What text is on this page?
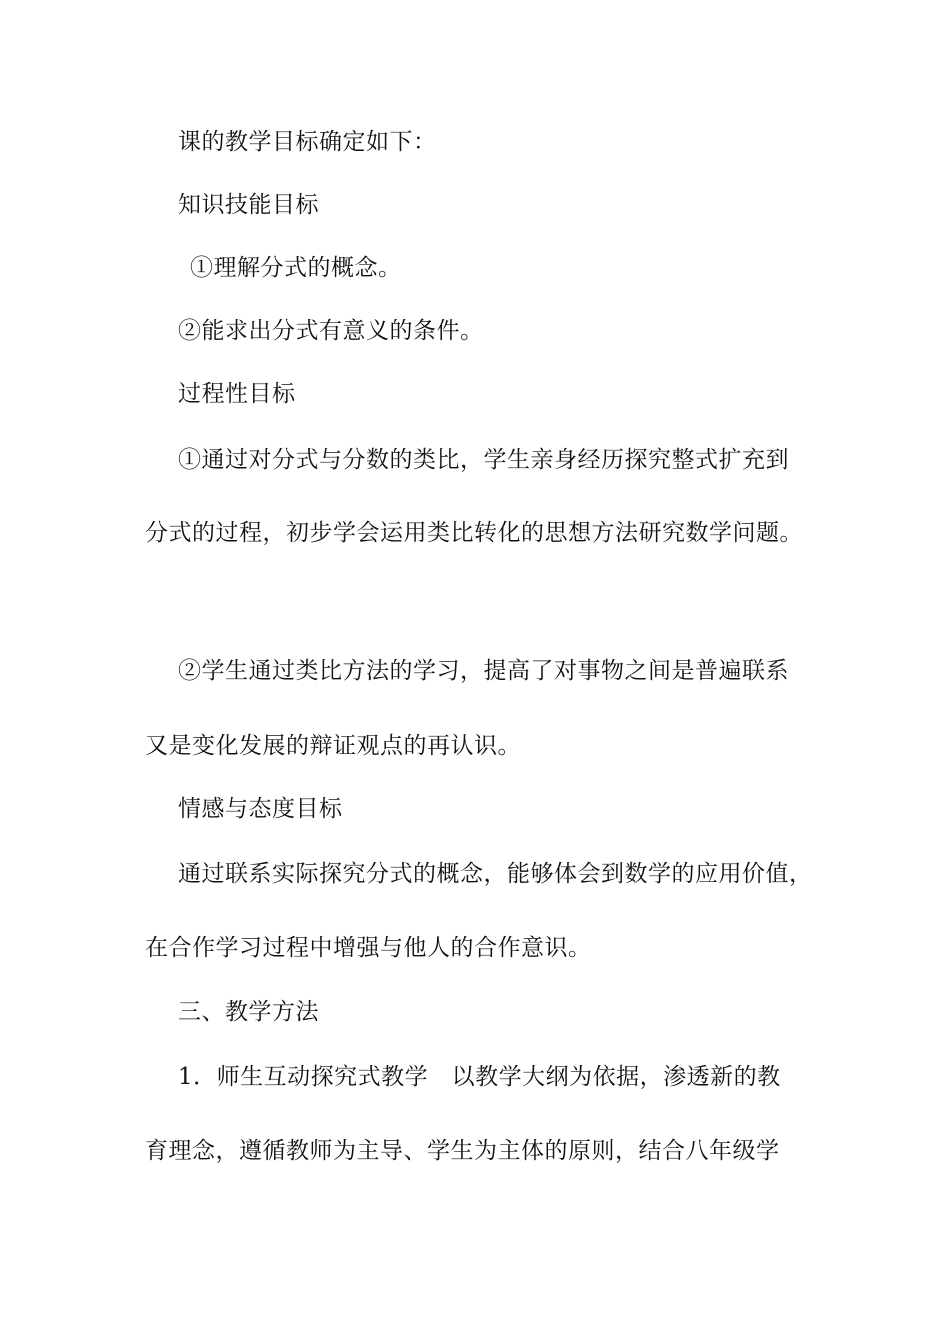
课的教学目标确定如下：
知识技能目标
①理解分式的概念。
②能求出分式有意义的条件。
过程性目标
①通过对分式与分数的类比，学生亲身经历探究整式扩充到
分式的过程，初步学会运用类比转化的思想方法研究数学问题。
②学生通过类比方法的学习，提高了对事物之间是普遍联系
又是变化发展的辩证观点的再认识。
情感与态度目标
通过联系实际探究分式的概念，能够体会到数学的应用价值，
在合作学习过程中增强与他人的合作意识。
三、教学方法
1．师生互动探究式教学　以教学大纲为依据，渗透新的教
育理念，遵循教师为主导、学生为主体的原则，结合八年级学
